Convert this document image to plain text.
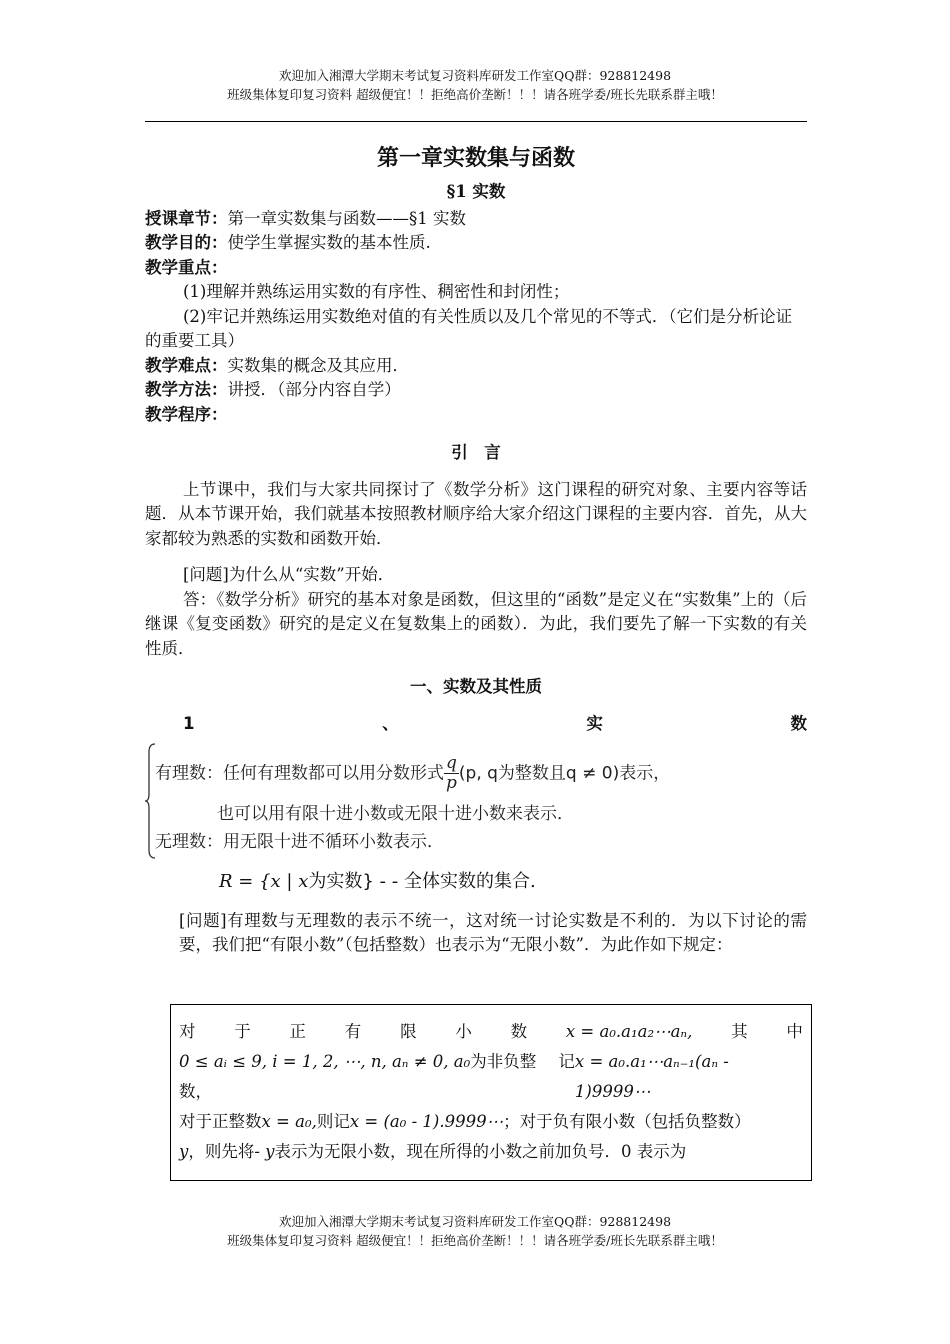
欢迎加入湘潭大学期末考试复习资料库研发工作室QQ群：928812498
班级集体复印复习资料 超级便宜！！拒绝高价垄断！！！请各班学委/班长先联系群主哦！
第一章实数集与函数
§1 实数

授课章节：第一章实数集与函数——§1 实数

教学目的：使学生掌握实数的基本性质.

教学重点：

(1)理解并熟练运用实数的有序性、稠密性和封闭性；

(2)牢记并熟练运用实数绝对值的有关性质以及几个常见的不等式．（它们是分析论证的重要工具）

教学难点：实数集的概念及其应用．

教学方法：讲授．（部分内容自学）

教学程序：

引　言

上节课中，我们与大家共同探讨了《数学分析》这门课程的研究对象、主要内容等话题．从本节课开始，我们就基本按照教材顺序给大家介绍这门课程的主要内容．首先，从大家都较为熟悉的实数和函数开始．

[问题]为什么从“实数”开始．

答：《数学分析》研究的基本对象是函数，但这里的“函数”是定义在“实数集”上的（后继课《复变函数》研究的是定义在复数集上的函数）．为此，我们要先了解一下实数的有关性质．

一、实数及其性质

1	、	实	数
有理数：任何有理数都可以用分数形式 $\frac{q}{p} (p$, q为整数且q ≠ 0)表示，
也可以用有限十进小数或无限十进小数来表示．
无理数：用无限十进不循环小数表示．
R = {x | x为实数} - - 全体实数的集合.

[问题]有理数与无理数的表示不统一，这对统一讨论实数是不利的．为以下讨论的需要，我们把“有限小数”（包括整数）也表示为“无限小数”．为此作如下规定：

对 于 正 有 限 小 数 x = a₀.a₁a₂⋯aₙ, 其 中
0 ≤ aᵢ ≤ 9, i = 1, 2, ⋯, n, aₙ ≠ 0, a₀为非负整数，
记 x = a₀.a₁⋯aₙ₋₁(aₙ - 1)9999⋯
对于正整数x = a₀,则记x = (a₀ - 1).9999⋯；对于负有限小数（包括负整数）
y，则先将- y表示为无限小数，现在所得的小数之前加负号．0 表示为
欢迎加入湘潭大学期末考试复习资料库研发工作室QQ群：928812498
班级集体复印复习资料 超级便宜！！拒绝高价垄断！！！请各班学委/班长先联系群主哦！
